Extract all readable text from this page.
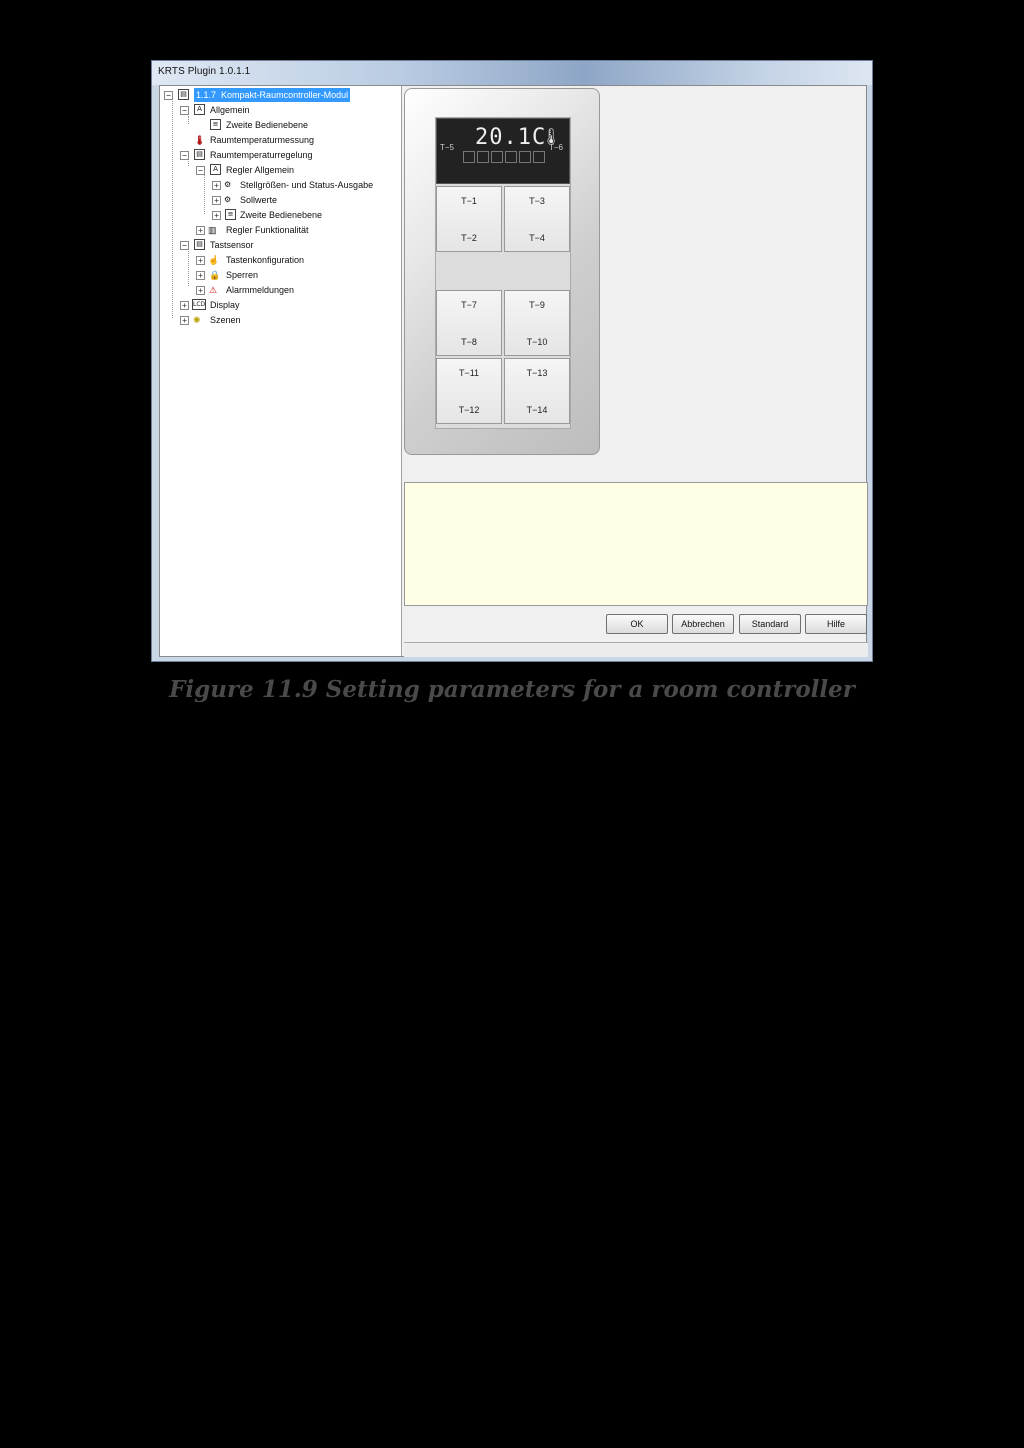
KRTS Plugin 1.0.1.1
−	▤ 1.1.7 Kompakt-Raumcontroller-Modul
−	A Allgemein
≡ Zweite Bedienebene
🌡 Raumtemperaturmessung
−	▤ Raumtemperaturregelung
−	A Regler Allgemein
+ ⚙ Stellgrößen- und Status-Ausgabe
+ ⚙ Sollwerte
+	≡ Zweite Bedienebene
+ ▥ Regler Funktionalität
−	▤ Tastsensor
+ ☝ Tastenkonfiguration
+ 🔒 Sperren
+ ⚠ Alarmmeldungen
+	LCD Display
+ ✺ Szenen
20.1C
🌡
T−5	T−6
T−1
T−2
T−3
T−4
T−7
T−8
T−9
T−10
T−11
T−12
T−13
T−14
OK	Abbrechen	Standard	Hilfe
Figure 11.9 Setting parameters for a room controller
